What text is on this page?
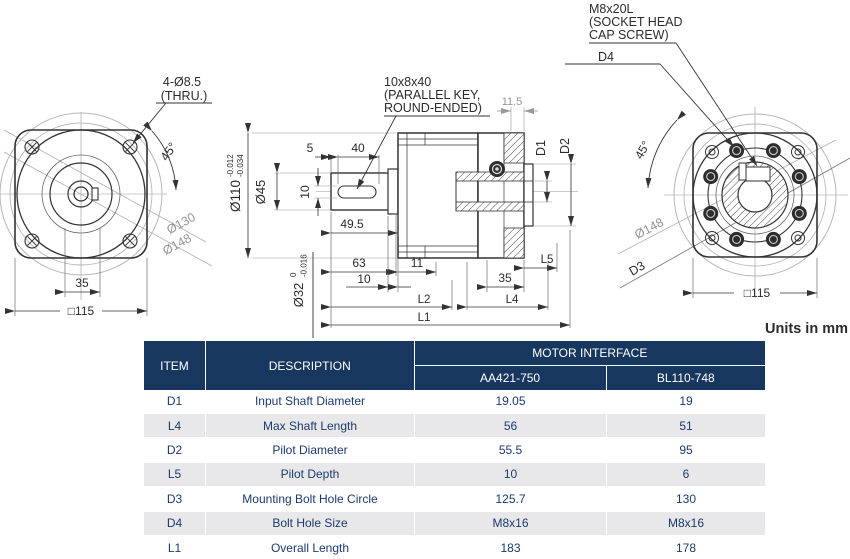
4-Ø8.5
(THRU.)
45°
Ø130
Ø148
35
□115
10x8x40
(PARALLEL KEY,
ROUND-ENDED) 11.5
5	40
Ø110
-0.012 -0.034
Ø45	10
49.5
Ø32
0 -0.016	63	11
10	35
L5
L2	L4
L1
D1 D2
M8x20L
(SOCKET HEAD
CAP SCREW)
D4
45°
Ø148
D3
□115
Units in mm
ITEM	DESCRIPTION
MOTOR INTERFACE
AA421-750	BL110-748
D1	Input Shaft Diameter	19.05	19
L4	Max Shaft Length	56	51
D2	Pilot Diameter	55.5	95
L5	Pilot Depth	10	6
D3	Mounting Bolt Hole Circle	125.7	130
D4	Bolt Hole Size	M8x16	M8x16
L1	Overall Length	183	178
